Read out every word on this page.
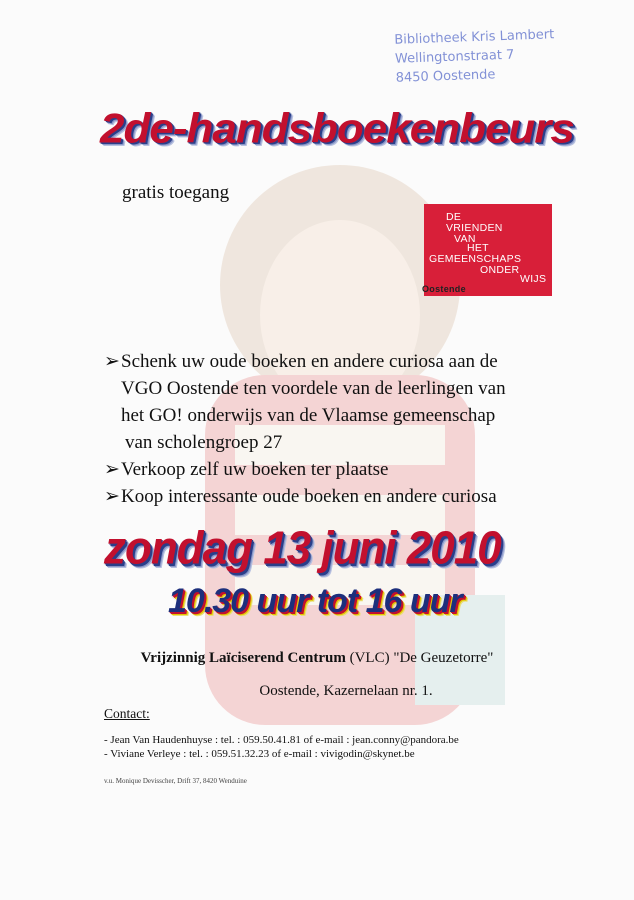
Bibliotheek Kris Lambert
Wellingtonstraat 7
8450 Oostende
2de-handsboekenbeurs
gratis toegang
DE
VRIENDEN
VAN
HET
GEMEENSCHAPS
ONDER
WIJS
Oostende
➢Schenk uw oude boeken en andere curiosa aan de
VGO Oostende ten voordele van de leerlingen van
het GO! onderwijs van de Vlaamse gemeenschap
van scholengroep 27
➢Verkoop zelf uw boeken ter plaatse
➢Koop interessante oude boeken en andere curiosa
zondag 13 juni 2010
10.30 uur tot 16 uur
Vrijzinnig Laïciserend Centrum (VLC) "De Geuzetorre"
Oostende, Kazernelaan nr. 1.
Contact:
- Jean Van Haudenhuyse : tel. : 059.50.41.81 of e-mail : jean.conny@pandora.be
- Viviane Verleye : tel. : 059.51.32.23 of e-mail : vivigodin@skynet.be
v.u. Monique Devisscher, Drift 37, 8420 Wenduine
